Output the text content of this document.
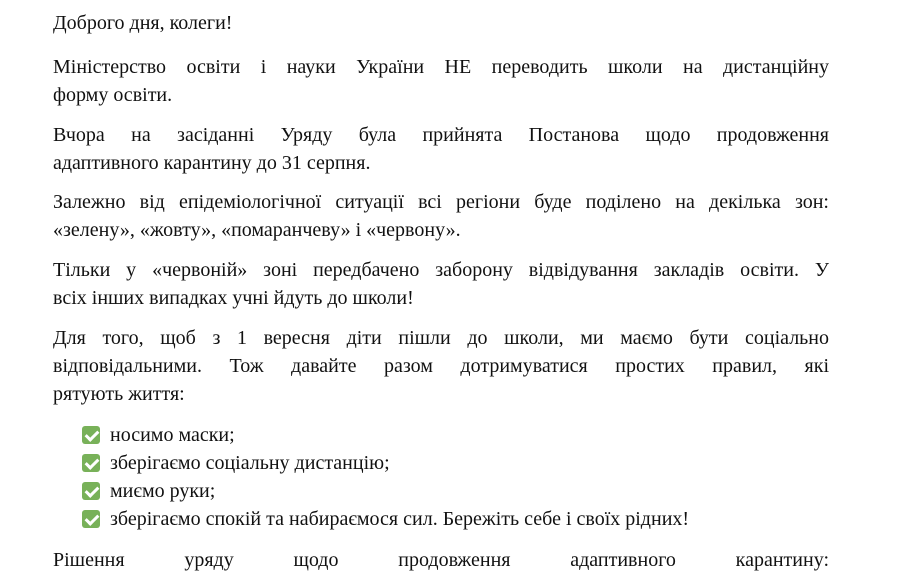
Доброго дня, колеги!
Міністерство освіти і науки України НЕ переводить школи на дистанційну
форму освіти.
Вчора на засіданні Уряду була прийнята Постанова щодо продовження
адаптивного карантину до 31 серпня.
Залежно від епідеміологічної ситуації всі регіони буде поділено на декілька зон:
«зелену», «жовту», «помаранчеву» і «червону».
Тільки у «червоній» зоні передбачено заборону відвідування закладів освіти. У
всіх інших випадках учні йдуть до школи!
Для того, щоб з 1 вересня діти пішли до школи, ми маємо бути соціально
відповідальними. Тож давайте разом дотримуватися простих правил, які
рятують життя:
носимо маски;
зберігаємо соціальну дистанцію;
миємо руки;
зберігаємо спокій та набираємося сил. Бережіть себе і своїх рідних!
Рішення уряду щодо продовження адаптивного карантину:
